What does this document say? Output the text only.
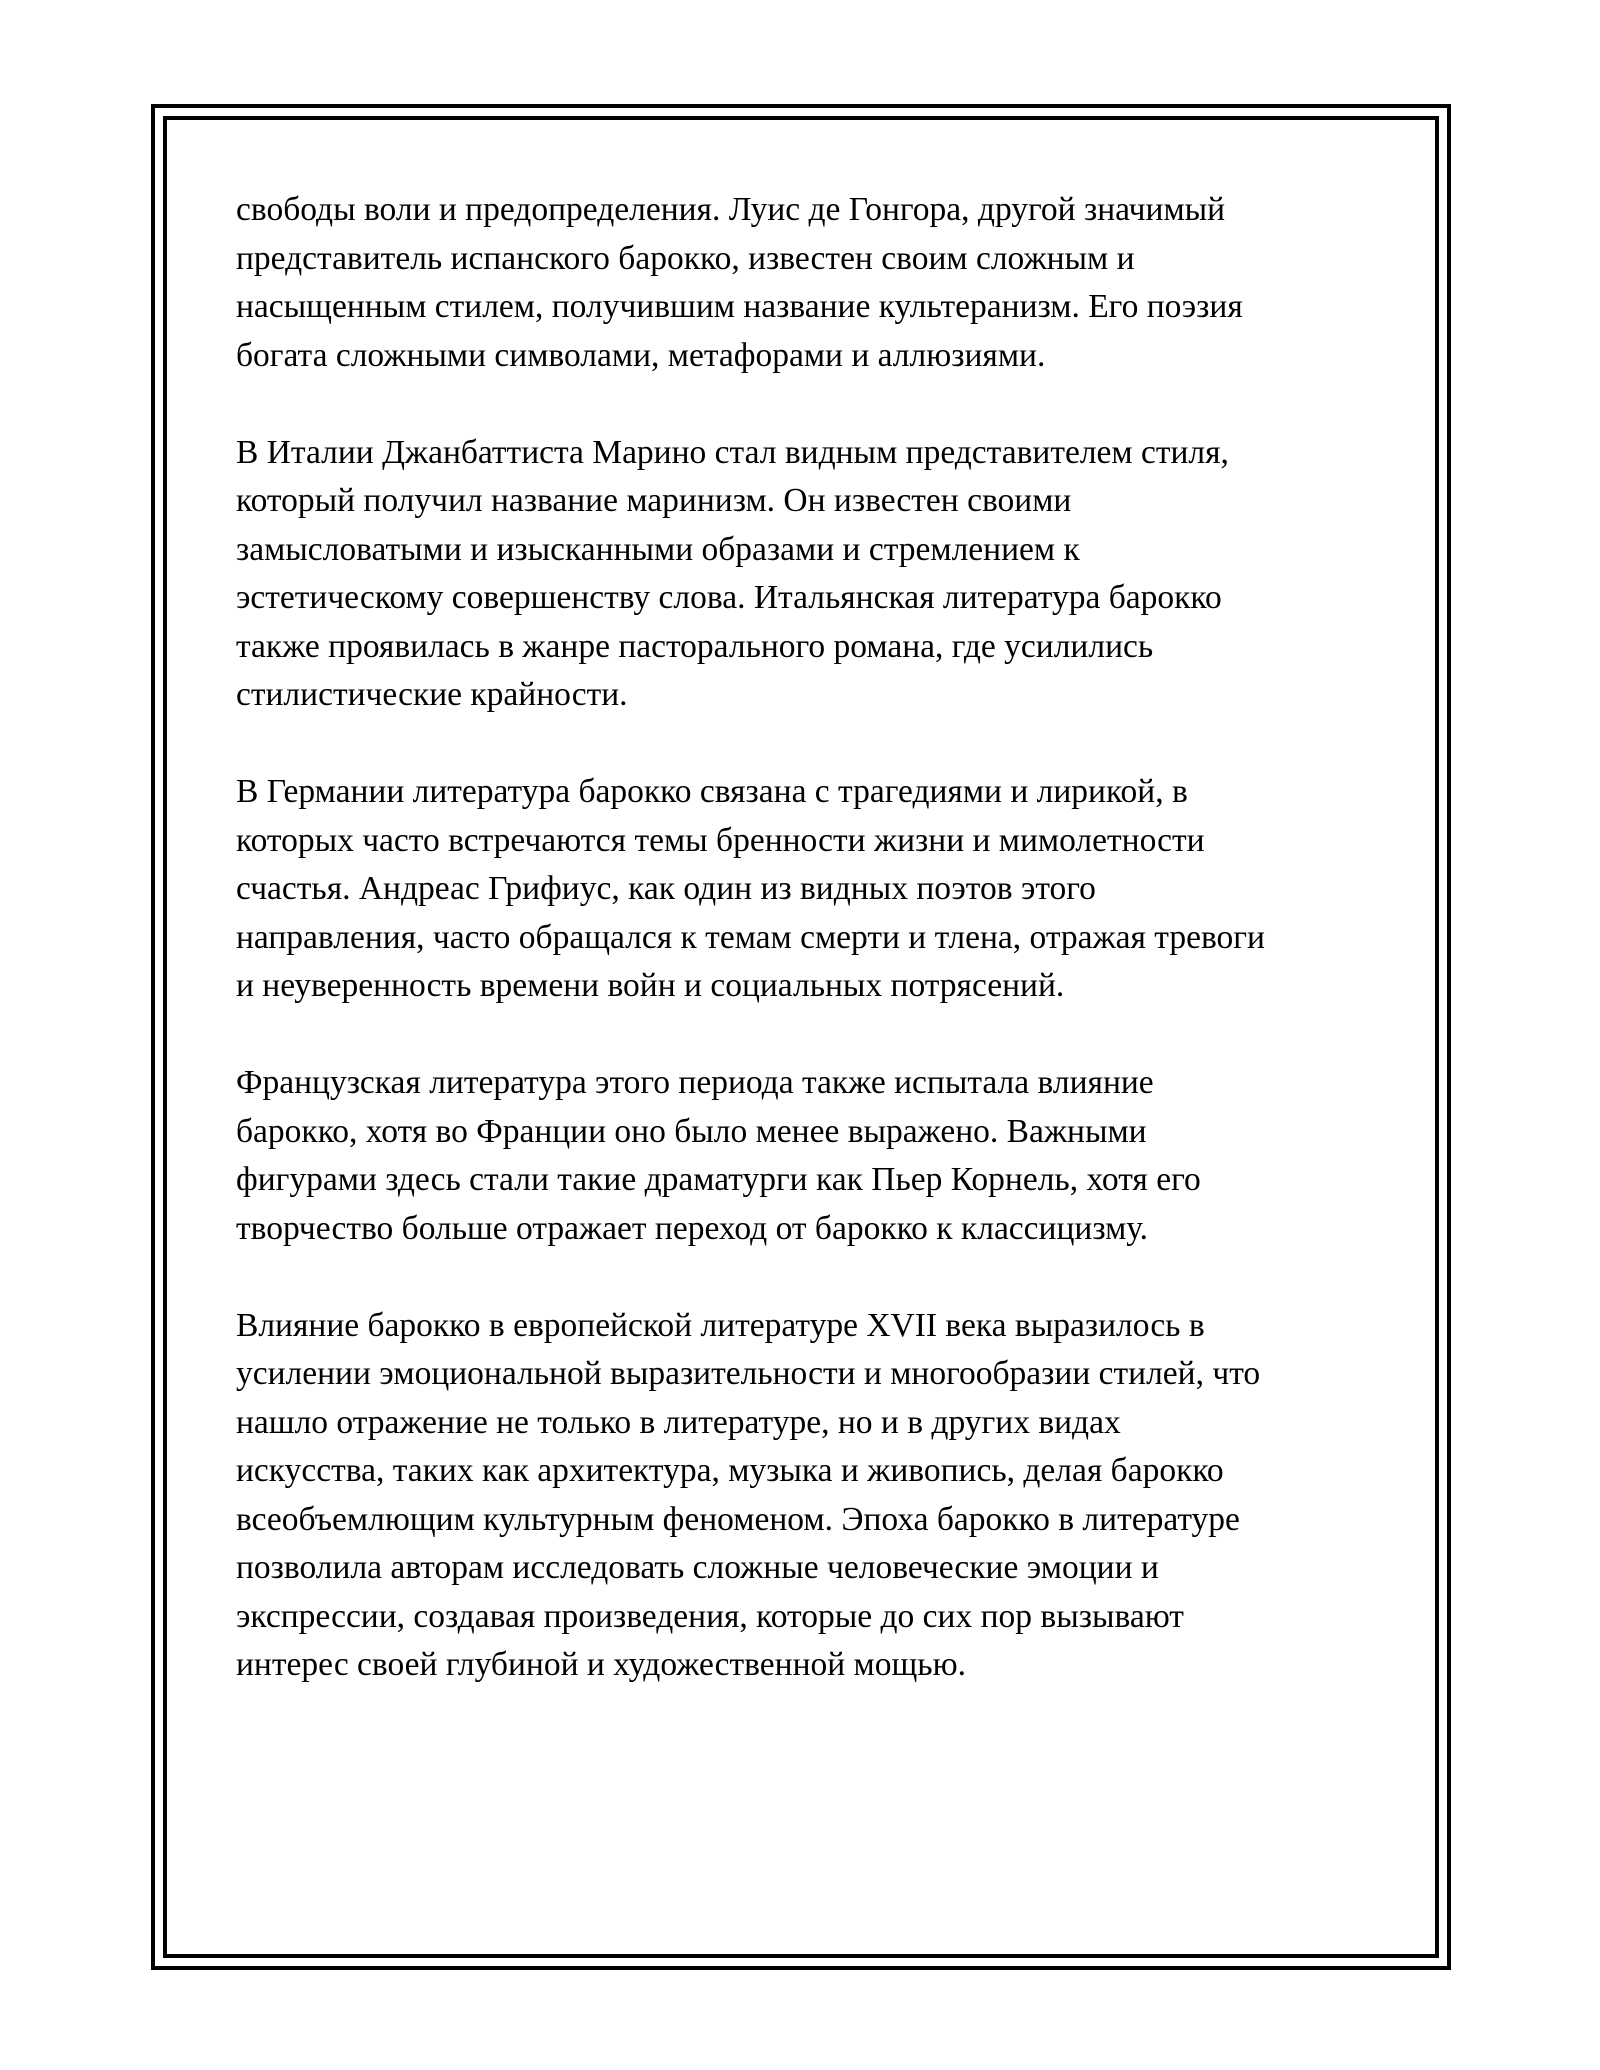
свободы воли и предопределения. Луис де Гонгора, другой значимый
представитель испанского барокко, известен своим сложным и
насыщенным стилем, получившим название культеранизм. Его поэзия
богата сложными символами, метафорами и аллюзиями.

В Италии Джанбаттиста Марино стал видным представителем стиля,
который получил название маринизм. Он известен своими
замысловатыми и изысканными образами и стремлением к
эстетическому совершенству слова. Итальянская литература барокко
также проявилась в жанре пасторального романа, где усилились
стилистические крайности.

В Германии литература барокко связана с трагедиями и лирикой, в
которых часто встречаются темы бренности жизни и мимолетности
счастья. Андреас Грифиус, как один из видных поэтов этого
направления, часто обращался к темам смерти и тлена, отражая тревоги
и неуверенность времени войн и социальных потрясений.

Французская литература этого периода также испытала влияние
барокко, хотя во Франции оно было менее выражено. Важными
фигурами здесь стали такие драматурги как Пьер Корнель, хотя его
творчество больше отражает переход от барокко к классицизму.

Влияние барокко в европейской литературе XVII века выразилось в
усилении эмоциональной выразительности и многообразии стилей, что
нашло отражение не только в литературе, но и в других видах
искусства, таких как архитектура, музыка и живопись, делая барокко
всеобъемлющим культурным феноменом. Эпоха барокко в литературе
позволила авторам исследовать сложные человеческие эмоции и
экспрессии, создавая произведения, которые до сих пор вызывают
интерес своей глубиной и художественной мощью.
